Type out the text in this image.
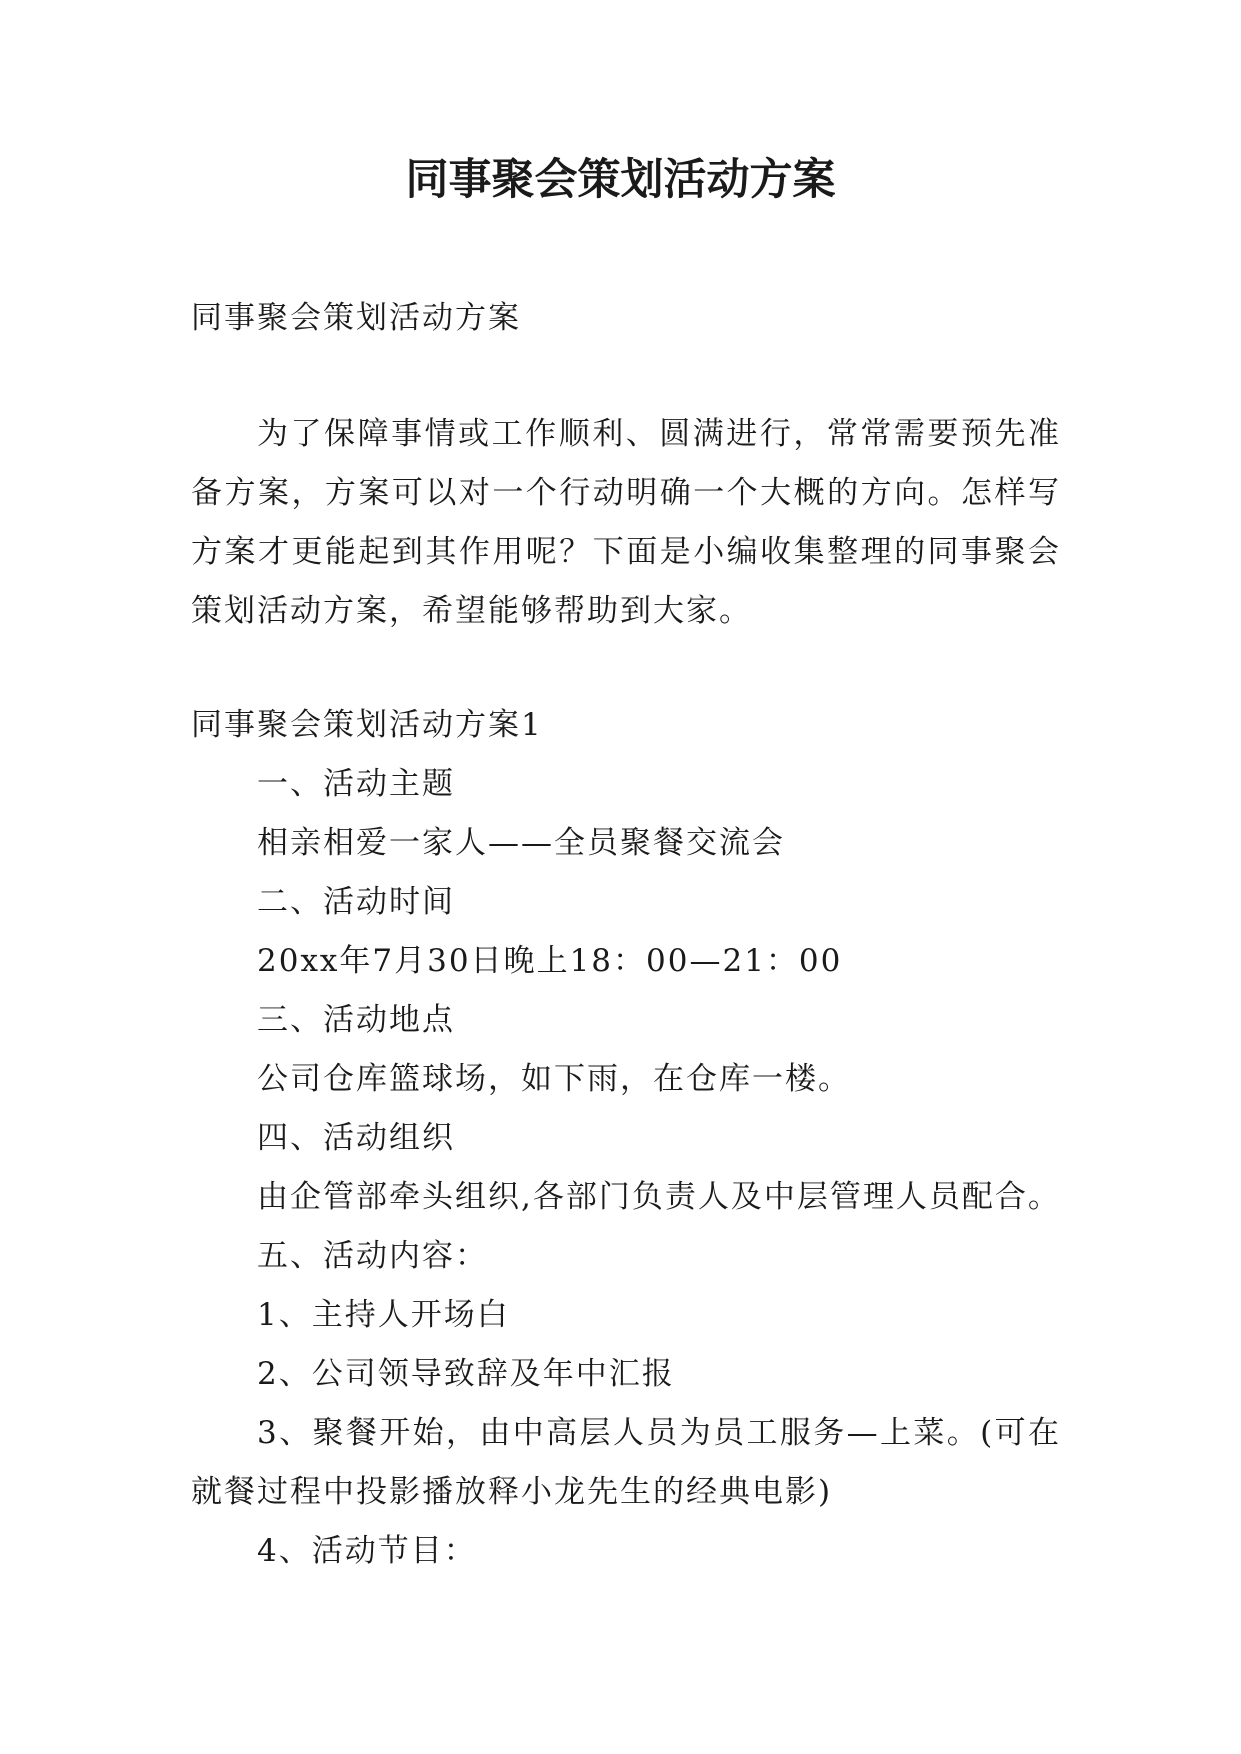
同事聚会策划活动方案

同事聚会策划活动方案

为了保障事情或工作顺利、圆满进行，常常需要预先准备方案，方案可以对一个行动明确一个大概的方向。怎样写方案才更能起到其作用呢？下面是小编收集整理的同事聚会策划活动方案，希望能够帮助到大家。

同事聚会策划活动方案1
一、活动主题
相亲相爱一家人——全员聚餐交流会
二、活动时间
20xx年7月30日晚上18：00—21：00
三、活动地点
公司仓库篮球场，如下雨，在仓库一楼。
四、活动组织
由企管部牵头组织,各部门负责人及中层管理人员配合。
五、活动内容：
1、主持人开场白
2、公司领导致辞及年中汇报
3、聚餐开始，由中高层人员为员工服务—上菜。(可在就餐过程中投影播放释小龙先生的经典电影)
4、活动节目：
